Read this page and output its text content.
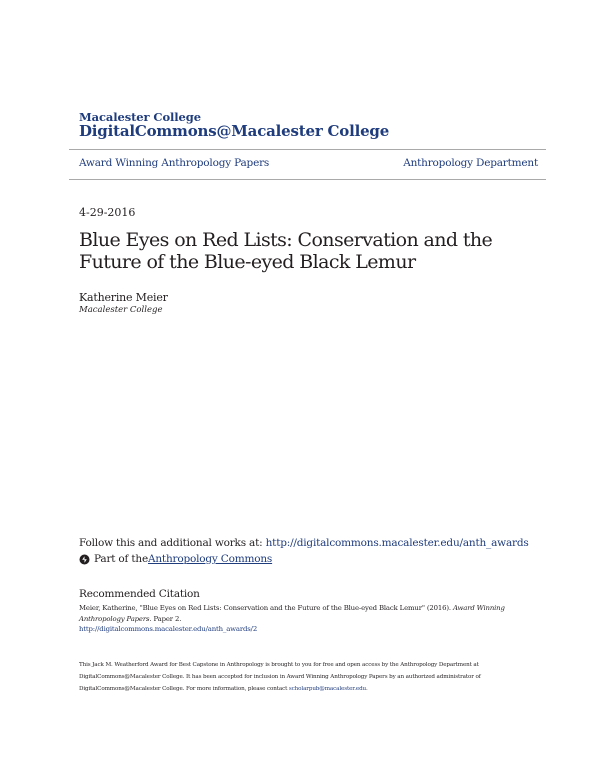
Macalester College
DigitalCommons@Macalester College
Award Winning Anthropology Papers	Anthropology Department
4-29-2016
Blue Eyes on Red Lists: Conservation and the Future of the Blue-eyed Black Lemur
Katherine Meier
Macalester College
Follow this and additional works at: http://digitalcommons.macalester.edu/anth_awards
Part of the Anthropology Commons
Recommended Citation
Meier, Katherine, "Blue Eyes on Red Lists: Conservation and the Future of the Blue-eyed Black Lemur" (2016). Award Winning Anthropology Papers. Paper 2.
http://digitalcommons.macalester.edu/anth_awards/2
This Jack M. Weatherford Award for Best Capstone in Anthropology is brought to you for free and open access by the Anthropology Department at DigitalCommons@Macalester College. It has been accepted for inclusion in Award Winning Anthropology Papers by an authorized administrator of DigitalCommons@Macalester College. For more information, please contact scholarpub@macalester.edu.
